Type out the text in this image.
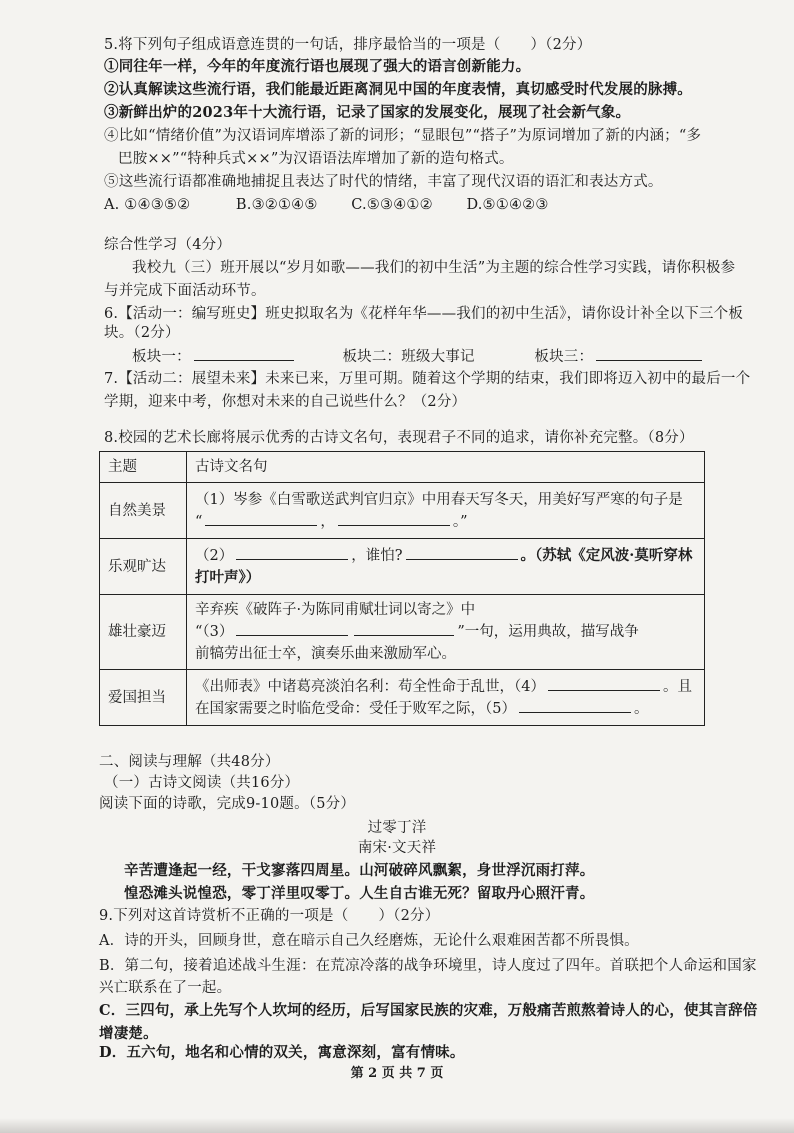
5.将下列句子组成语意连贯的一句话，排序最恰当的一项是（ ）（2分）
①同往年一样，今年的年度流行语也展现了强大的语言创新能力。
②认真解读这些流行语，我们能最近距离洞见中国的年度表情，真切感受时代发展的脉搏。
③新鲜出炉的2023年十大流行语，记录了国家的发展变化，展现了社会新气象。
④比如“情绪价值”为汉语词库增添了新的词形；“显眼包”“搭子”为原词增加了新的内涵；“多
巴胺××”“特种兵式××”为汉语语法库增加了新的造句格式。
⑤这些流行语都准确地捕捉且表达了时代的情绪，丰富了现代汉语的语汇和表达方式。
A. ①④③⑤②	B.③②①④⑤ C.⑤③④①② D.⑤①④②③
综合性学习（4分）
我校九（三）班开展以“岁月如歌——我们的初中生活”为主题的综合性学习实践，请你积极参
与并完成下面活动环节。
6.【活动一：编写班史】班史拟取名为《花样年华——我们的初中生活》，请你设计补全以下三个板
块。（2分）
板块一：	板块二：班级大事记	板块三：
7.【活动二：展望未来】未来已来，万里可期。随着这个学期的结束，我们即将迈入初中的最后一个
学期，迎来中考，你想对未来的自己说些什么？（2分）
8.校园的艺术长廊将展示优秀的古诗文名句，表现君子不同的追求，请你补充完整。（8分）
主题	古诗文名句
自然美景	（1）岑参《白雪歌送武判官归京》中用春天写冬天，用美好写严寒的句子是
“ ， 。”

乐观旷达	（2） ，谁怕? 。（苏轼《定风波·莫听穿林
打叶声》）

雄壮豪迈	辛弃疾《破阵子·为陈同甫赋壮词以寄之》中
“（3） ”一句，运用典故，描写战争
前犒劳出征士卒，演奏乐曲来激励军心。

爱国担当	《出师表》中诸葛亮淡泊名利：苟全性命于乱世，（4） 。且
在国家需要之时临危受命：受任于败军之际，（5） 。
二、阅读与理解（共48分）
（一）古诗文阅读（共16分）
阅读下面的诗歌，完成9-10题。（5分）
过零丁洋
南宋·文天祥
辛苦遭逢起一经，干戈寥落四周星。山河破碎风飘絮，身世浮沉雨打萍。
惶恐滩头说惶恐，零丁洋里叹零丁。人生自古谁无死？留取丹心照汗青。
9.下列对这首诗赏析不正确的一项是（ ）（2分）
A．诗的开头，回顾身世，意在暗示自己久经磨炼，无论什么艰难困苦都不所畏惧。
B．第二句，接着追述战斗生涯：在荒凉冷落的战争环境里，诗人度过了四年。首联把个人命运和国家
兴亡联系在了一起。
C．三四句，承上先写个人坎坷的经历，后写国家民族的灾难，万般痛苦煎熬着诗人的心，使其言辞倍
增凄楚。
D．五六句，地名和心情的双关，寓意深刻，富有情味。
第 2 页 共 7 页
